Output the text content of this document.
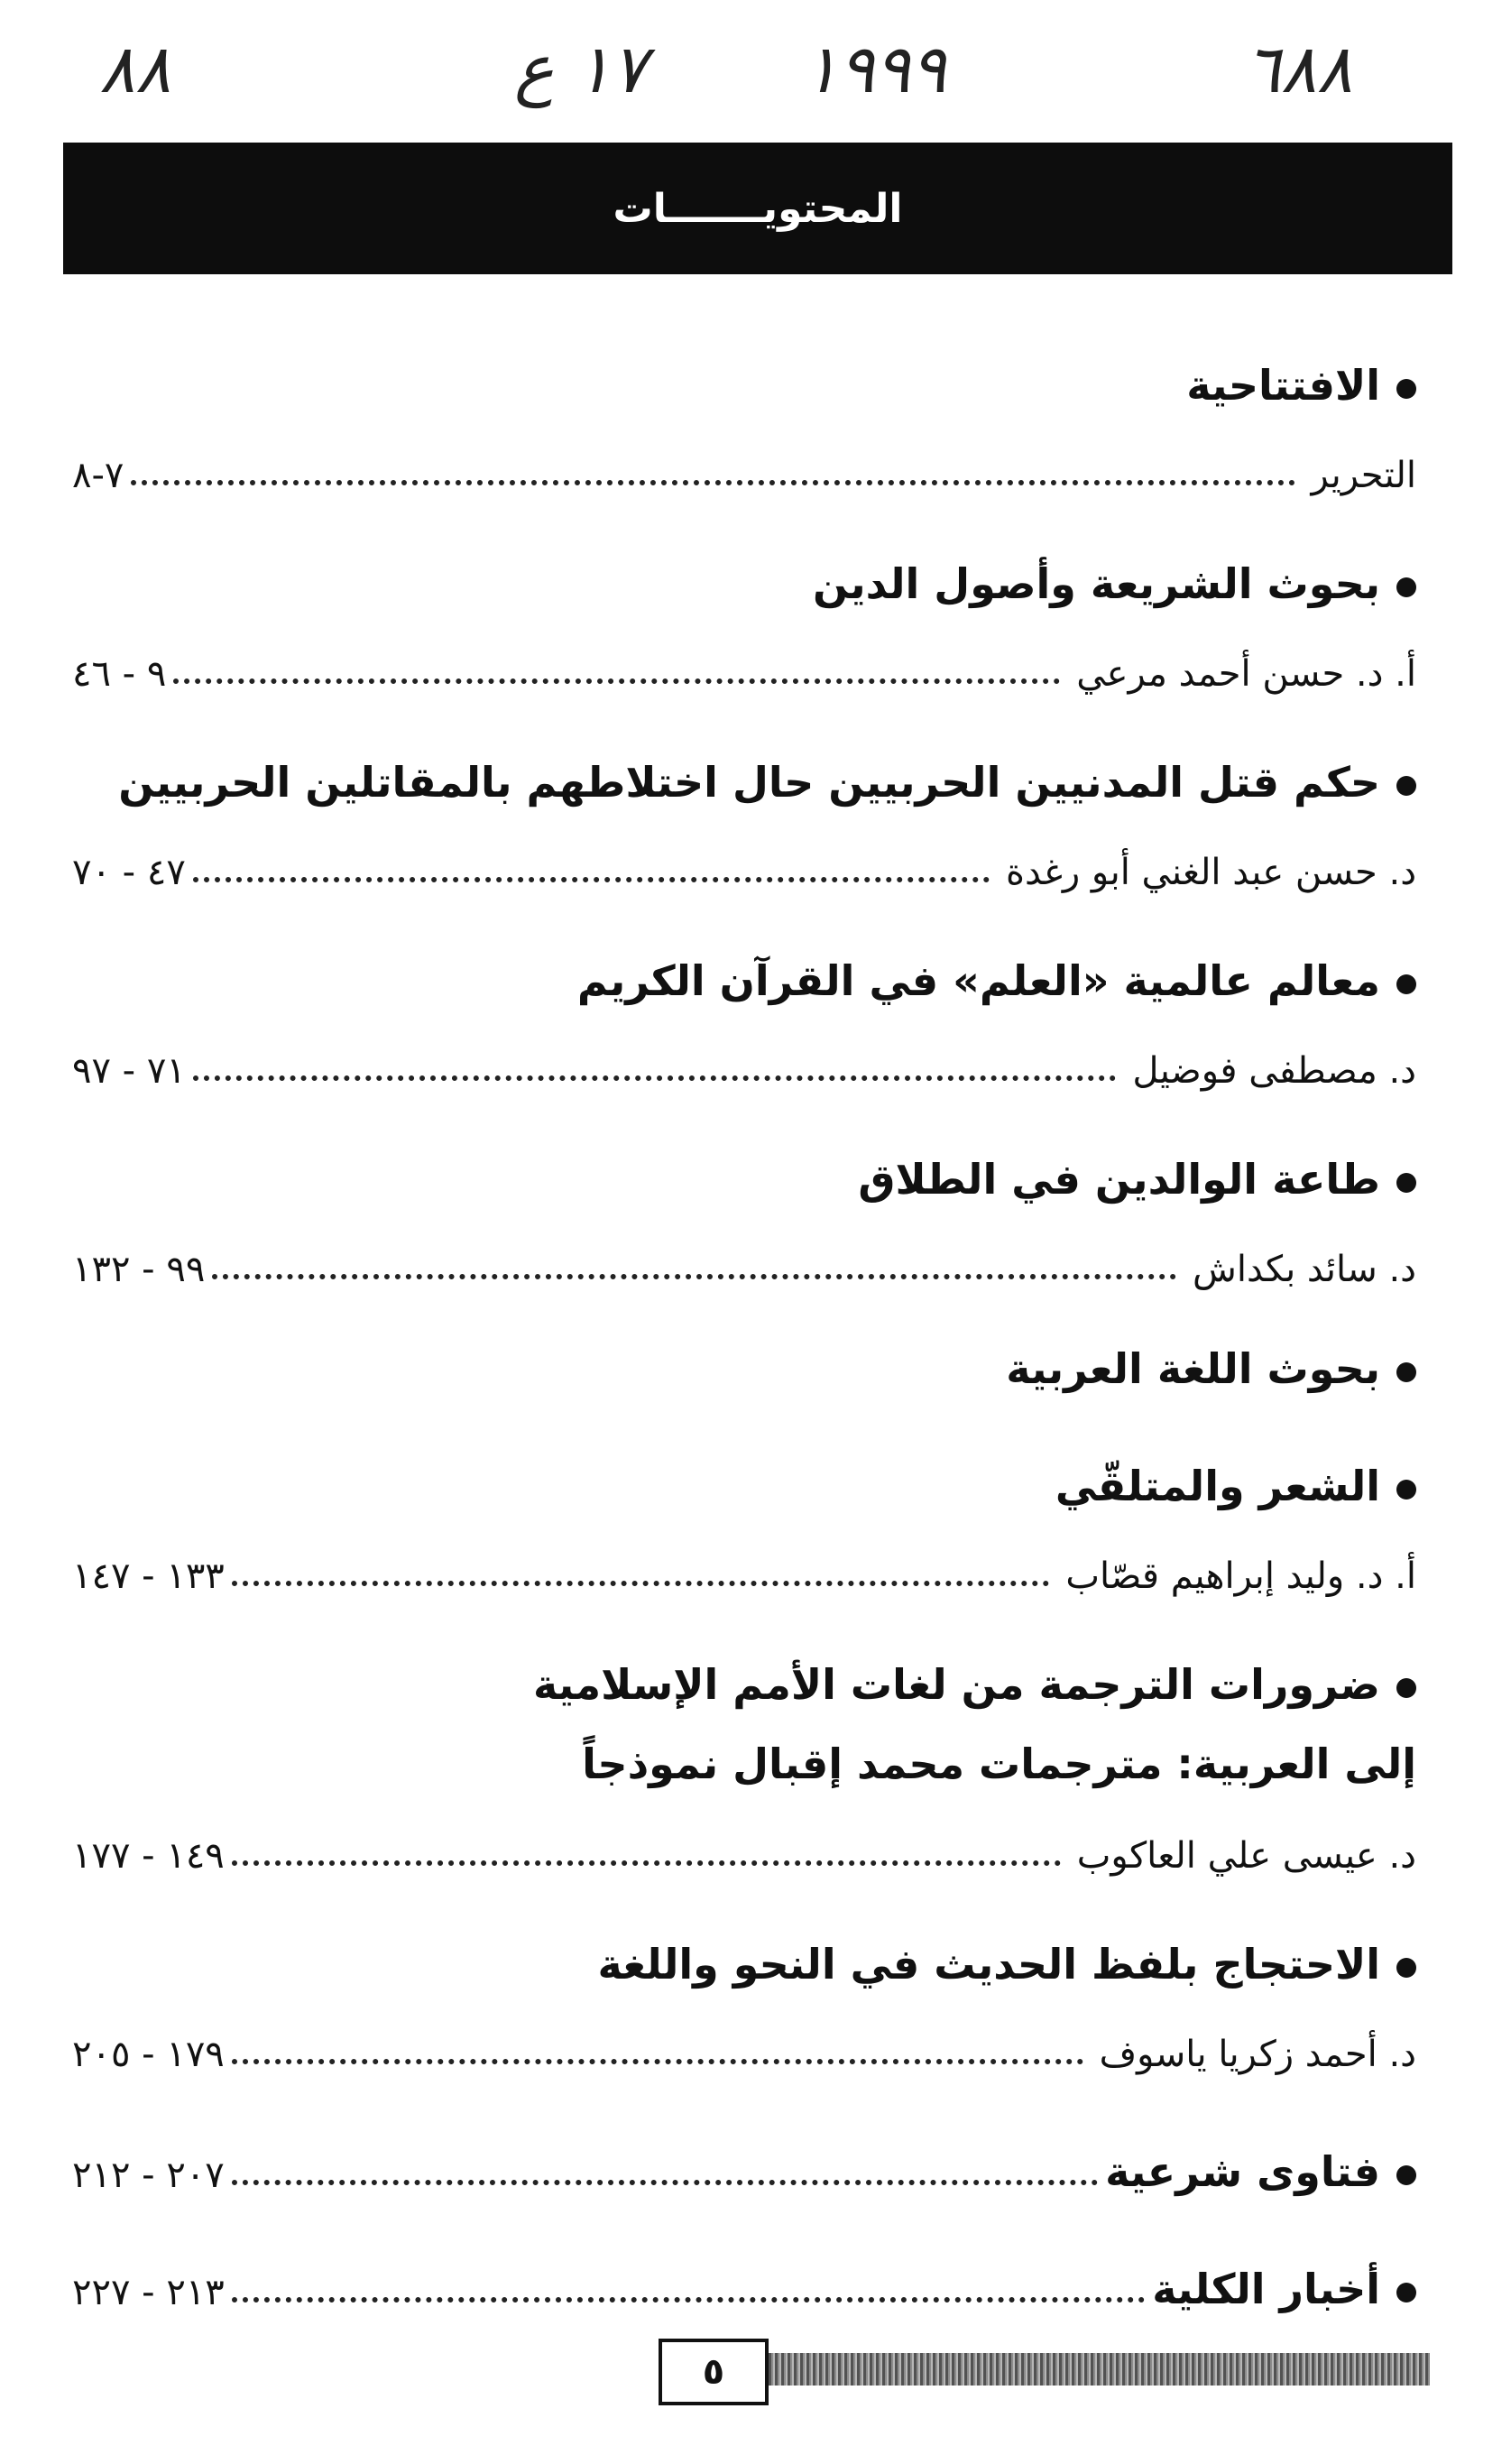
٨٨	١٧ ع ١٩٩٩	٦٨٨
المحتويـــــــات
الافتتاحية
التحرير
٧-٨
بحوث الشريعة وأصول الدين
أ. د. حسن أحمد مرعي
٩ - ٤٦
حكم قتل المدنيين الحربيين حال اختلاطهم بالمقاتلين الحربيين
د. حسن عبد الغني أبو رغدة
٤٧ - ٧٠
معالم عالمية «العلم» في القرآن الكريم
د. مصطفى فوضيل
٧١ - ٩٧
طاعة الوالدين في الطلاق
د. سائد بكداش
٩٩ - ١٣٢
بحوث اللغة العربية
الشعر والمتلقّي
أ. د. وليد إبراهيم قصّاب
١٣٣ - ١٤٧
ضرورات الترجمة من لغات الأمم الإسلامية
إلى العربية: مترجمات محمد إقبال نموذجاً
د. عيسى علي العاكوب
١٤٩ - ١٧٧
الاحتجاج بلفظ الحديث في النحو واللغة
د. أحمد زكريا ياسوف
١٧٩ - ٢٠٥
فتاوى شرعية
٢٠٧ - ٢١٢
أخبار الكلية
٢١٣ - ٢٢٧
٥
